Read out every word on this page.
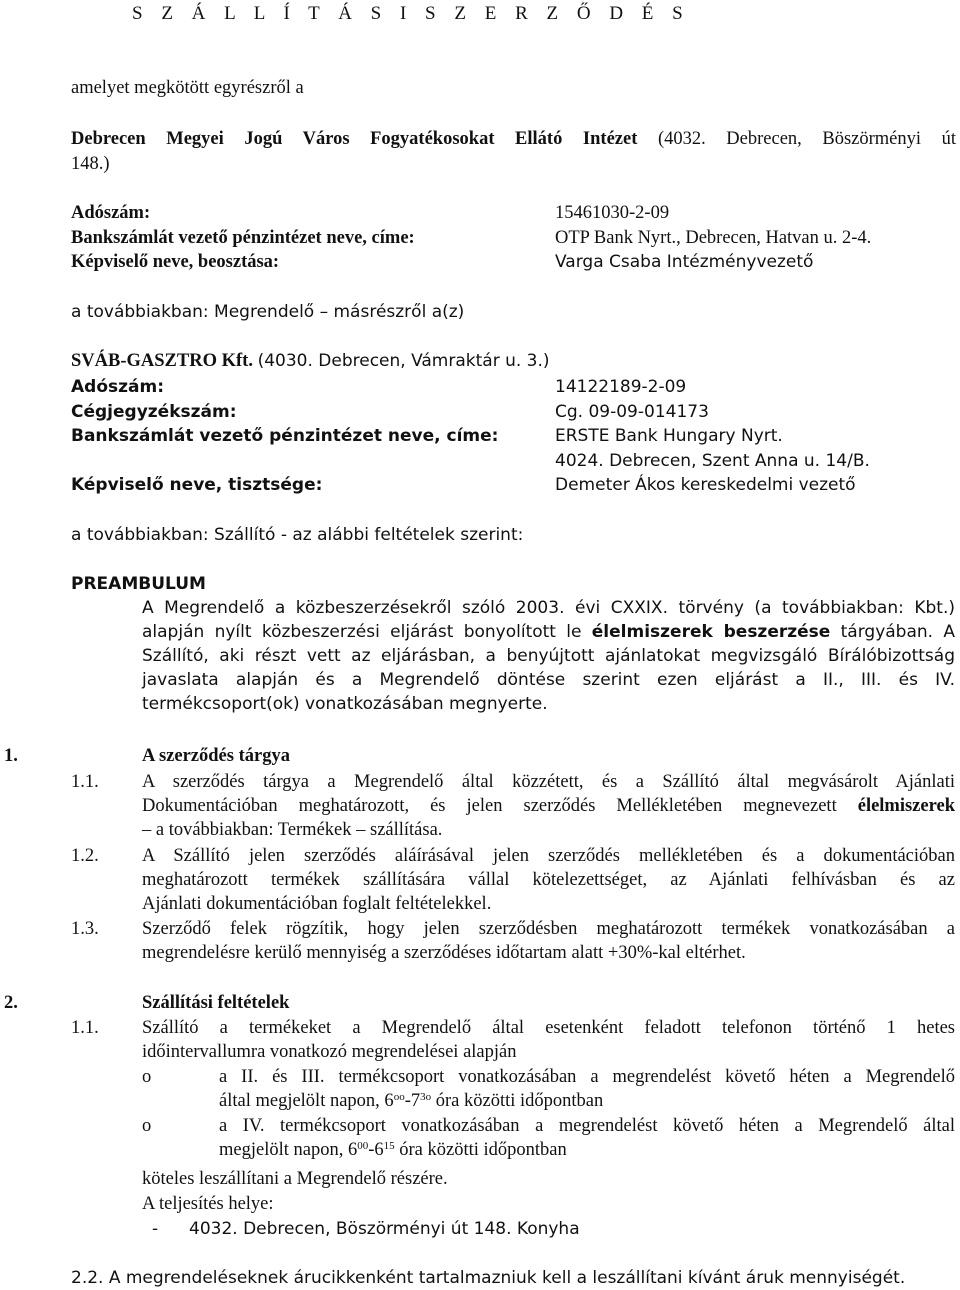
S Z Á L L Í T Á S I S Z E R Z Ő D É S
amelyet megkötött egyrészről a
Debrecen Megyei Jogú Város Fogyatékosokat Ellátó Intézet (4032. Debrecen, Böszörményi út
148.)
Adószám:	15461030-2-09
Bankszámlát vezető pénzintézet neve, címe:	OTP Bank Nyrt., Debrecen, Hatvan u. 2-4.
Képviselő neve, beosztása:	Varga Csaba Intézményvezető
a továbbiakban: Megrendelő – másrészről a(z)
SVÁB-GASZTRO Kft. (4030. Debrecen, Vámraktár u. 3.)
Adószám:	14122189-2-09
Cégjegyzékszám:	Cg. 09-09-014173
Bankszámlát vezető pénzintézet neve, címe:	ERSTE Bank Hungary Nyrt.
4024. Debrecen, Szent Anna u. 14/B.
Képviselő neve, tisztsége:	Demeter Ákos kereskedelmi vezető
a továbbiakban: Szállító - az alábbi feltételek szerint:
PREAMBULUM
A Megrendelő a közbeszerzésekről szóló 2003. évi CXXIX. törvény (a továbbiakban: Kbt.)
alapján nyílt közbeszerzési eljárást bonyolított le élelmiszerek beszerzése tárgyában. A
Szállító, aki részt vett az eljárásban, a benyújtott ajánlatokat megvizsgáló Bírálóbizottság
javaslata alapján és a Megrendelő döntése szerint ezen eljárást a II., III. és IV.
termékcsoport(ok) vonatkozásában megnyerte.
1.	A szerződés tárgya
1.1. A szerződés tárgya a Megrendelő által közzétett, és a Szállító által megvásárolt Ajánlati
Dokumentációban meghatározott, és jelen szerződés Mellékletében megnevezett élelmiszerek
– a továbbiakban: Termékek – szállítása.
1.2. A Szállító jelen szerződés aláírásával jelen szerződés mellékletében és a dokumentációban
meghatározott termékek szállítására vállal kötelezettséget, az Ajánlati felhívásban és az
Ajánlati dokumentációban foglalt feltételekkel.
1.3. Szerződő felek rögzítik, hogy jelen szerződésben meghatározott termékek vonatkozásában a
megrendelésre kerülő mennyiség a szerződéses időtartam alatt +30%-kal eltérhet.
2.	Szállítási feltételek
1.1. Szállító a termékeket a Megrendelő által esetenként feladott telefonon történő 1 hetes
időintervallumra vonatkozó megrendelései alapján
o	a II. és III. termékcsoport vonatkozásában a megrendelést követő héten a Megrendelő
által megjelölt napon, $6^{oo}-7^{3o}$ óra közötti időpontban
o	a IV. termékcsoport vonatkozásában a megrendelést követő héten a Megrendelő által
megjelölt napon, $6^{00}-6^{15}$ óra közötti időpontban
köteles leszállítani a Megrendelő részére.
A teljesítés helye:
- 4032. Debrecen, Böszörményi út 148. Konyha
2.2. A megrendeléseknek árucikkenként tartalmazniuk kell a leszállítani kívánt áruk mennyiségét.
